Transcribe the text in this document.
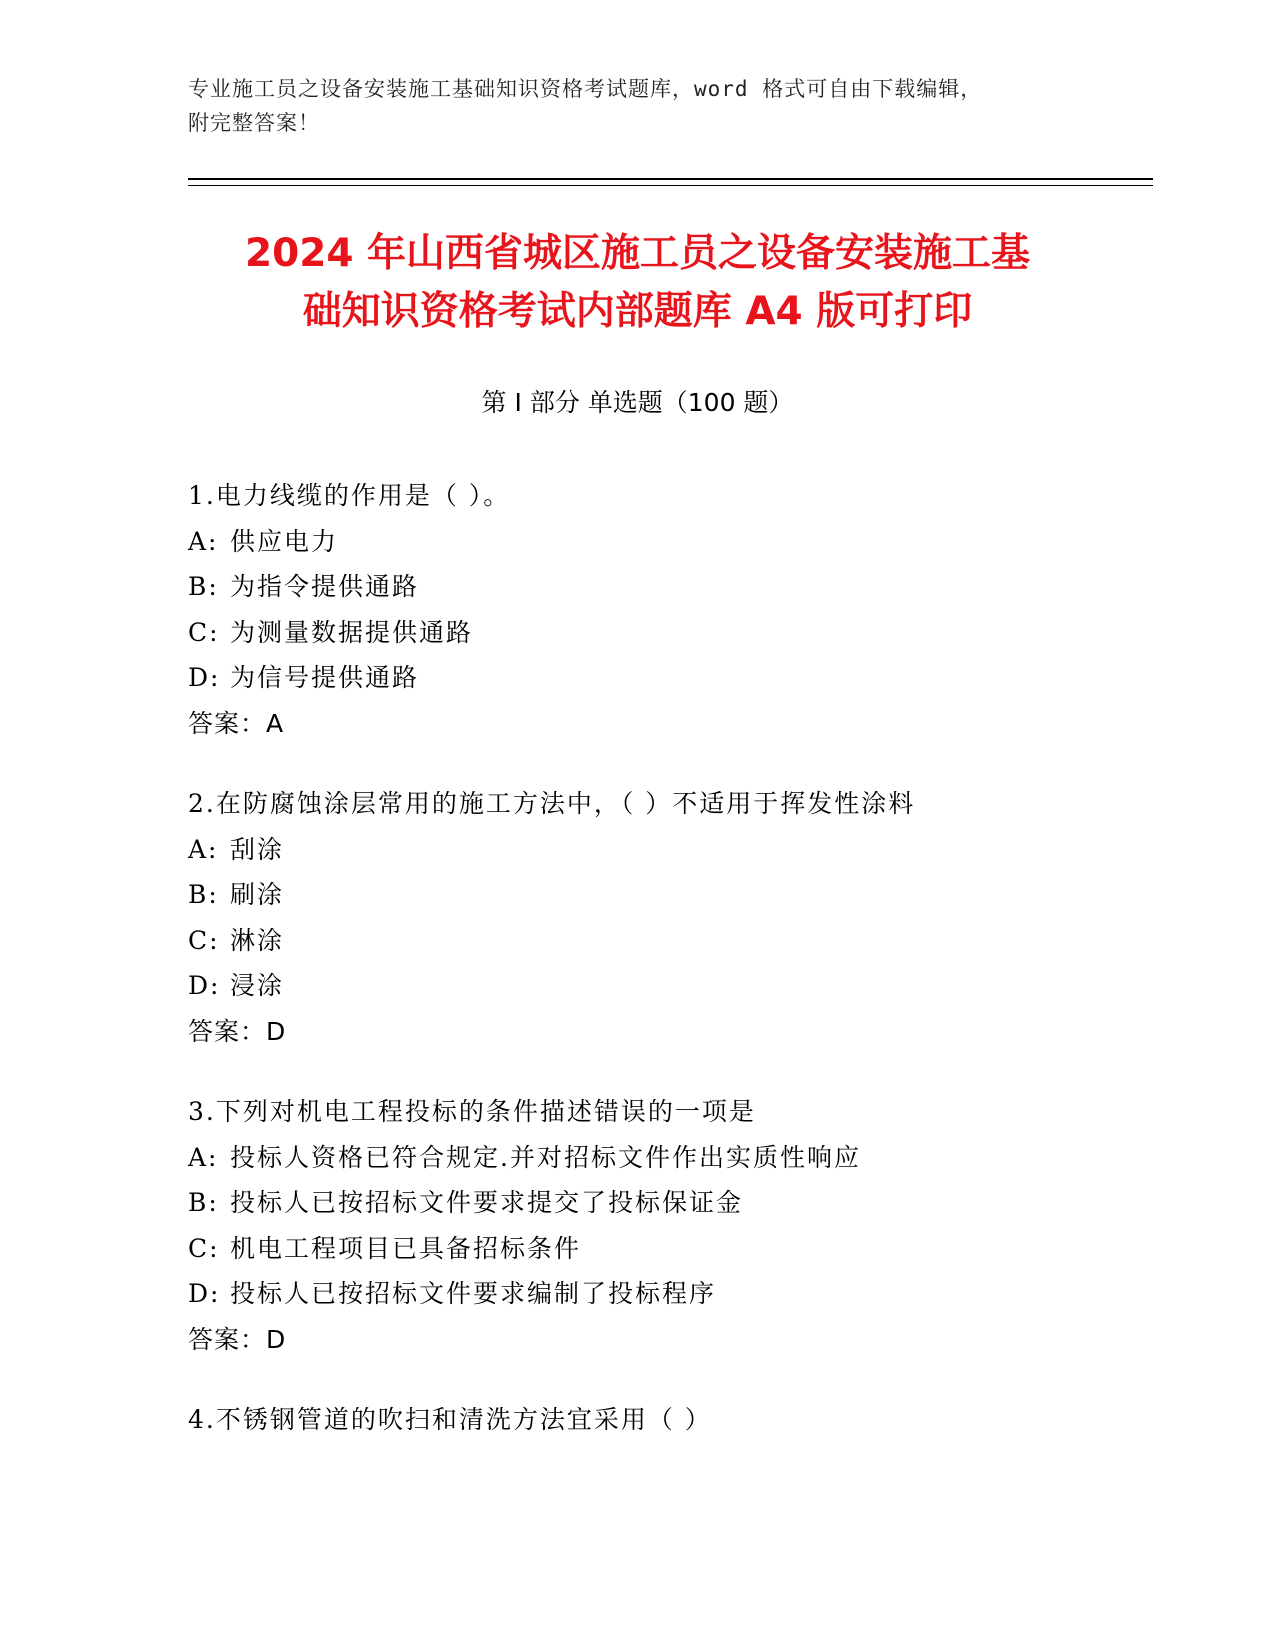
专业施工员之设备安装施工基础知识资格考试题库，word 格式可自由下载编辑，
附完整答案！
2024 年山西省城区施工员之设备安装施工基
础知识资格考试内部题库 A4 版可打印
第 I 部分 单选题（100 题）
1.电力线缆的作用是（ ）。
A: 供应电力
B: 为指令提供通路
C: 为测量数据提供通路
D: 为信号提供通路
答案：A
2.在防腐蚀涂层常用的施工方法中，（ ）不适用于挥发性涂料
A: 刮涂
B: 刷涂
C: 淋涂
D: 浸涂
答案：D
3.下列对机电工程投标的条件描述错误的一项是
A: 投标人资格已符合规定.并对招标文件作出实质性响应
B: 投标人已按招标文件要求提交了投标保证金
C: 机电工程项目已具备招标条件
D: 投标人已按招标文件要求编制了投标程序
答案：D
4.不锈钢管道的吹扫和清洗方法宜采用（ ）
